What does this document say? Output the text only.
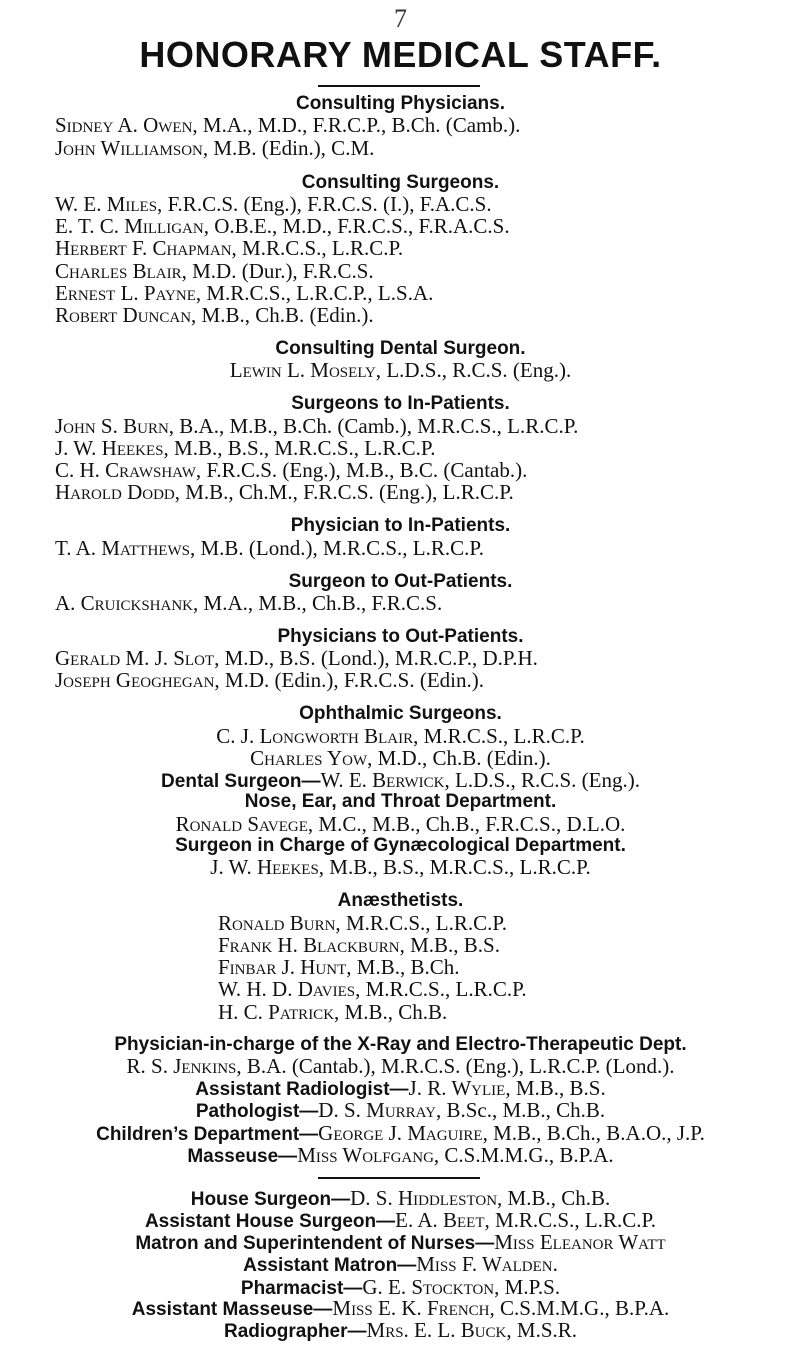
7
HONORARY MEDICAL STAFF.
Consulting Physicians.
Sidney A. Owen, M.A., M.D., F.R.C.P., B.Ch. (Camb.).
John Williamson, M.B. (Edin.), C.M.
Consulting Surgeons.
W. E. Miles, F.R.C.S. (Eng.), F.R.C.S. (I.), F.A.C.S.
E. T. C. Milligan, O.B.E., M.D., F.R.C.S., F.R.A.C.S.
Herbert F. Chapman, M.R.C.S., L.R.C.P.
Charles Blair, M.D. (Dur.), F.R.C.S.
Ernest L. Payne, M.R.C.S., L.R.C.P., L.S.A.
Robert Duncan, M.B., Ch.B. (Edin.).
Consulting Dental Surgeon.
Lewin L. Mosely, L.D.S., R.C.S. (Eng.).
Surgeons to In-Patients.
John S. Burn, B.A., M.B., B.Ch. (Camb.), M.R.C.S., L.R.C.P.
J. W. Heekes, M.B., B.S., M.R.C.S., L.R.C.P.
C. H. Crawshaw, F.R.C.S. (Eng.), M.B., B.C. (Cantab.).
Harold Dodd, M.B., Ch.M., F.R.C.S. (Eng.), L.R.C.P.
Physician to In-Patients.
T. A. Matthews, M.B. (Lond.), M.R.C.S., L.R.C.P.
Surgeon to Out-Patients.
A. Cruickshank, M.A., M.B., Ch.B., F.R.C.S.
Physicians to Out-Patients.
Gerald M. J. Slot, M.D., B.S. (Lond.), M.R.C.P., D.P.H.
Joseph Geoghegan, M.D. (Edin.), F.R.C.S. (Edin.).
Ophthalmic Surgeons.
C. J. Longworth Blair, M.R.C.S., L.R.C.P.
Charles Yow, M.D., Ch.B. (Edin.).
Dental Surgeon—W. E. Berwick, L.D.S., R.C.S. (Eng.).
Nose, Ear, and Throat Department.
Ronald Savege, M.C., M.B., Ch.B., F.R.C.S., D.L.O.
Surgeon in Charge of Gynæcological Department.
J. W. Heekes, M.B., B.S., M.R.C.S., L.R.C.P.
Anæsthetists.
Ronald Burn, M.R.C.S., L.R.C.P.
Frank H. Blackburn, M.B., B.S.
Finbar J. Hunt, M.B., B.Ch.
W. H. D. Davies, M.R.C.S., L.R.C.P.
H. C. Patrick, M.B., Ch.B.
Physician-in-charge of the X-Ray and Electro-Therapeutic Dept.
R. S. Jenkins, B.A. (Cantab.), M.R.C.S. (Eng.), L.R.C.P. (Lond.).
Assistant Radiologist—J. R. Wylie, M.B., B.S.
Pathologist—D. S. Murray, B.Sc., M.B., Ch.B.
Children’s Department—George J. Maguire, M.B., B.Ch., B.A.O., J.P.
Masseuse—Miss Wolfgang, C.S.M.M.G., B.P.A.
House Surgeon—D. S. Hiddleston, M.B., Ch.B.
Assistant House Surgeon—E. A. Beet, M.R.C.S., L.R.C.P.
Matron and Superintendent of Nurses—Miss Eleanor Watt
Assistant Matron—Miss F. Walden.
Pharmacist—G. E. Stockton, M.P.S.
Assistant Masseuse—Miss E. K. French, C.S.M.M.G., B.P.A.
Radiographer—Mrs. E. L. Buck, M.S.R.
